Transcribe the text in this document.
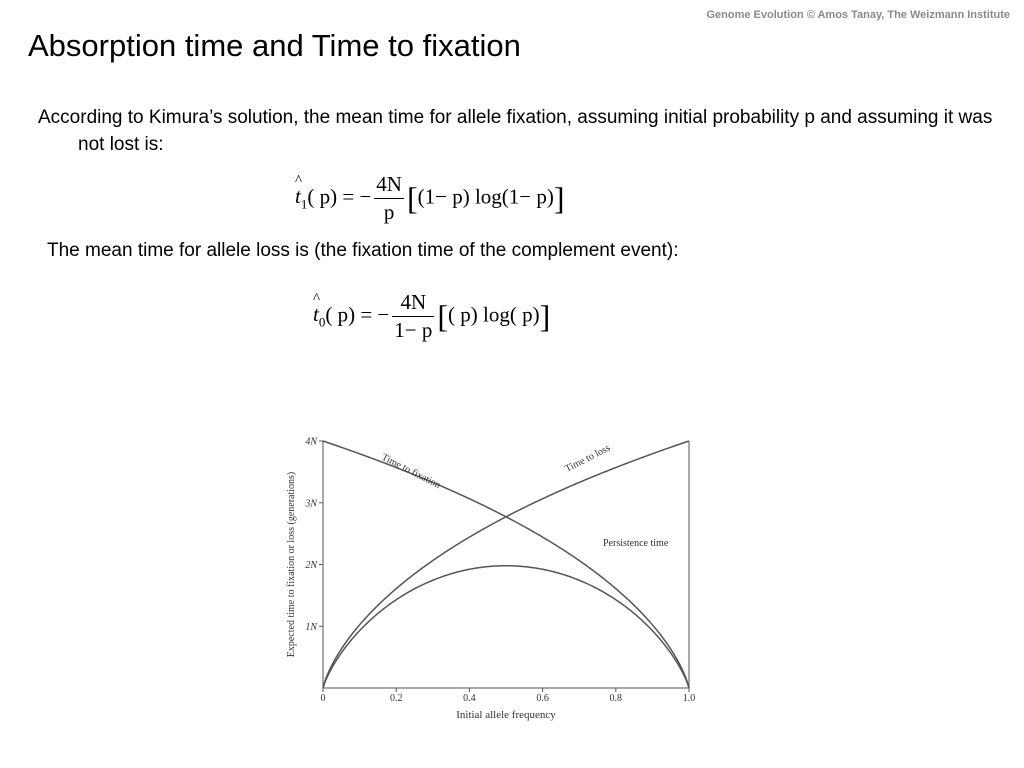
Genome Evolution © Amos Tanay, The Weizmann Institute
Absorption time and Time to fixation

According to Kimura’s solution, the mean time for allele fixation, assuming initial probability p and assuming it was not lost is:

^ $t_1$( p) = − $\frac{4N}{p} [(1- p)$ log(1− p)]

The mean time for allele loss is (the fixation time of the complement event):

^ $t_0$( p) = − $\frac{4N}{1- p}$ [( p) log( p)]
0	0.2	0.4	0.6	0.8	1.0
1N
2N
3N
4N
Initial allele frequency
Expected time to fixation or loss (generations)
Time to fixation	Time to loss
Persistence time
